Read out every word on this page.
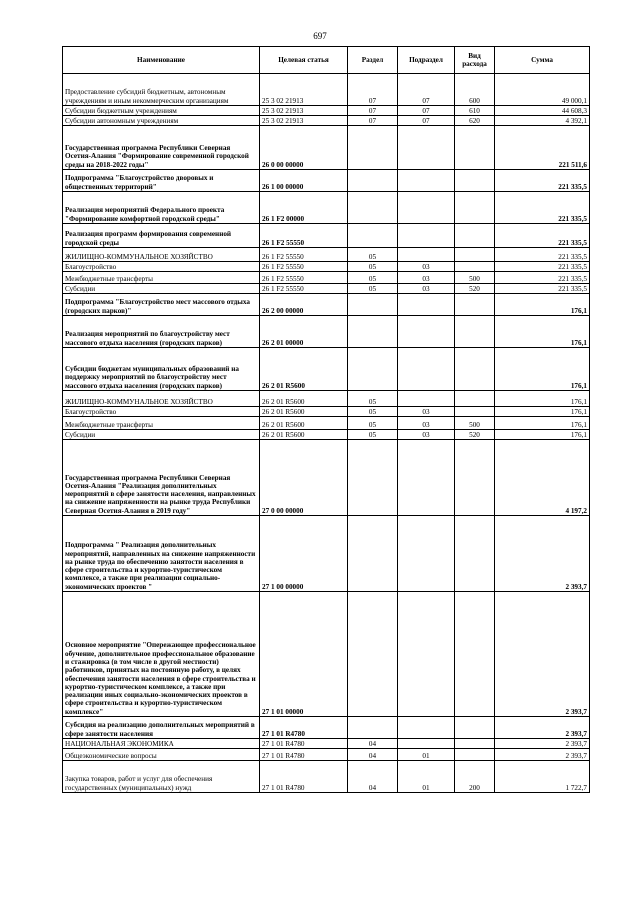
697
Наименование	Целевая статья	Раздел	Подраздел	Вид расхода	Сумма
Предоставление субсидий бюджетным, автономным учреждениям и иным некоммерческим организациям	25 3 02 21913	07	07	600	49 000,1
Субсидии бюджетным учреждениям	25 3 02 21913	07	07	610	44 608,3
Субсидии автономным учреждениям	25 3 02 21913	07	07	620	4 392,1
Государственная программа Республики Северная Осетия-Алания "Формирование современной городской среды на 2018-2022 годы"	26 0 00 00000				221 511,6
Подпрограмма "Благоустройство дворовых и общественных территорий"	26 1 00 00000				221 335,5
Реализация мероприятий Федерального проекта "Формирование комфортной городской среды"	26 1 F2 00000				221 335,5
Реализация программ формирования современной городской среды	26 1 F2 55550				221 335,5
ЖИЛИЩНО-КОММУНАЛЬНОЕ ХОЗЯЙСТВО	26 1 F2 55550	05			221 335,5
Благоустройство	26 1 F2 55550	05	03		221 335,5
Межбюджетные трансферты	26 1 F2 55550	05	03	500	221 335,5
Субсидии	26 1 F2 55550	05	03	520	221 335,5
Подпрограмма "Благоустройство мест массового отдыха (городских парков)"	26 2 00 00000				176,1
Реализация мероприятий по благоустройству мест массового отдыха населения (городских парков)	26 2 01 00000				176,1
Субсидии бюджетам муниципальных образований на поддержку мероприятий по благоустройству мест массового отдыха населения (городских парков)	26 2 01 R5600				176,1
ЖИЛИЩНО-КОММУНАЛЬНОЕ ХОЗЯЙСТВО	26 2 01 R5600	05			176,1
Благоустройство	26 2 01 R5600	05	03		176,1
Межбюджетные трансферты	26 2 01 R5600	05	03	500	176,1
Субсидии	26 2 01 R5600	05	03	520	176,1
Государственная программа Республики Северная Осетия-Алания "Реализация дополнительных мероприятий в сфере занятости населения, направленных на снижение напряженности на рынке труда Республики Северная Осетия-Алания в 2019 году"	27 0 00 00000				4 197,2
Подпрограмма " Реализация дополнительных мероприятий, направленных на снижение напряженности на рынке труда по обеспечению занятости населения в сфере строительства и курортно-туристическом комплексе, а также при реализации социально-экономических проектов "	27 1 00 00000				2 393,7
Основное мероприятие "Опережающее профессиональное обучение, дополнительное профессиональное образование и стажировка (в том числе в другой местности) работников, принятых на постоянную работу, в целях обеспечения занятости населения в сфере строительства и курортно-туристическом комплексе, а также при реализации иных социально-экономических проектов в сфере строительства и курортно-туристическом комплексе"	27 1 01 00000				2 393,7
Субсидия на реализацию дополнительных мероприятий в сфере занятости населения	27 1 01 R4780				2 393,7
НАЦИОНАЛЬНАЯ ЭКОНОМИКА	27 1 01 R4780	04			2 393,7
Общеэкономические вопросы	27 1 01 R4780	04	01		2 393,7
Закупка товаров, работ и услуг для обеспечения государственных (муниципальных) нужд	27 1 01 R4780	04	01	200	1 722,7
